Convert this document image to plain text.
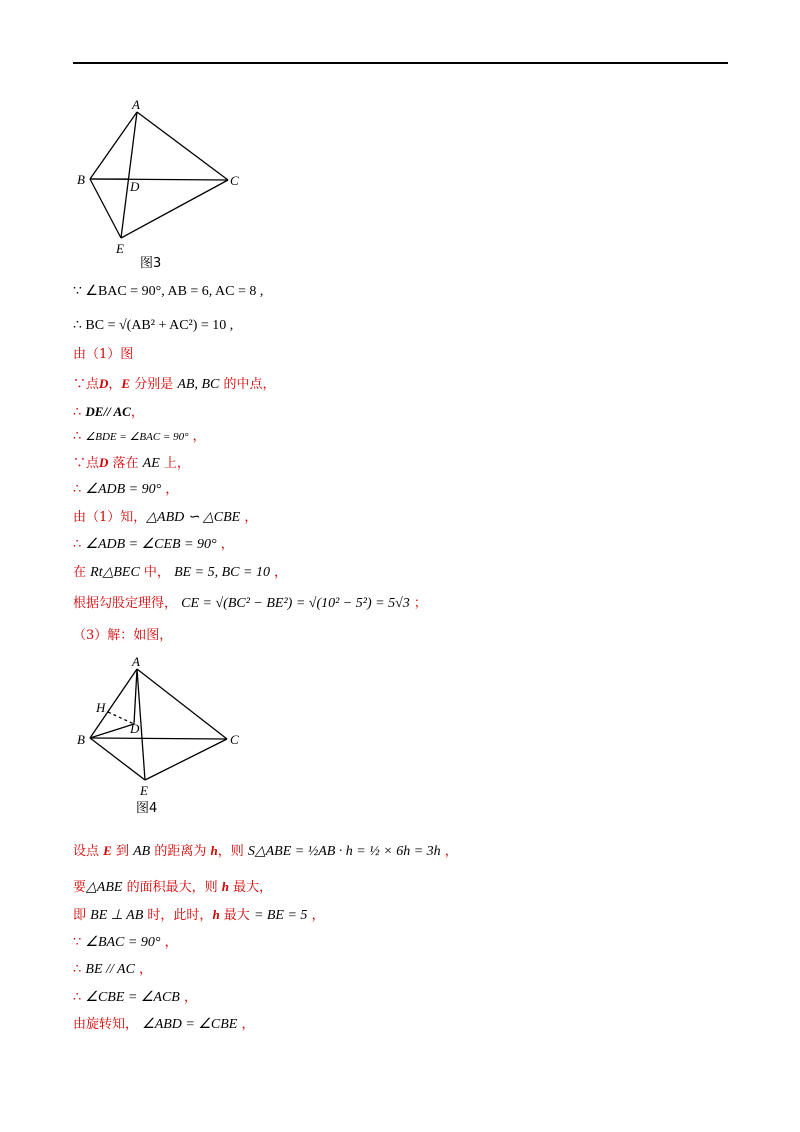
A
B	C
D
E
图3
∵ ∠BAC = 90°, AB = 6, AC = 8 ,
∴ BC = √(AB² + AC²) = 10 ,
由（1）图
∵点D，E 分别是 AB, BC 的中点，
∴ DE// AC，
∴ ∠BDE = ∠BAC = 90° ，
∵点D 落在 AE 上，
∴ ∠ADB = 90° ，
由（1）知，△ABD ∽ △CBE ，
∴ ∠ADB = ∠CEB = 90° ，
在 Rt△BEC 中， BE = 5, BC = 10 ，
根据勾股定理得， CE = √(BC² − BE²) = √(10² − 5²) = 5√3 ；
（3）解：如图，
A
H
B	C
D
E
图4
设点 E 到 AB 的距离为 h，则 S△ABE = ½AB · h = ½ × 6h = 3h ，
要△ABE 的面积最大，则 h 最大，
即 BE ⊥ AB 时，此时，h 最大 = BE = 5 ，
∵ ∠BAC = 90° ，
∴ BE // AC ，
∴ ∠CBE = ∠ACB ，
由旋转知， ∠ABD = ∠CBE ，
